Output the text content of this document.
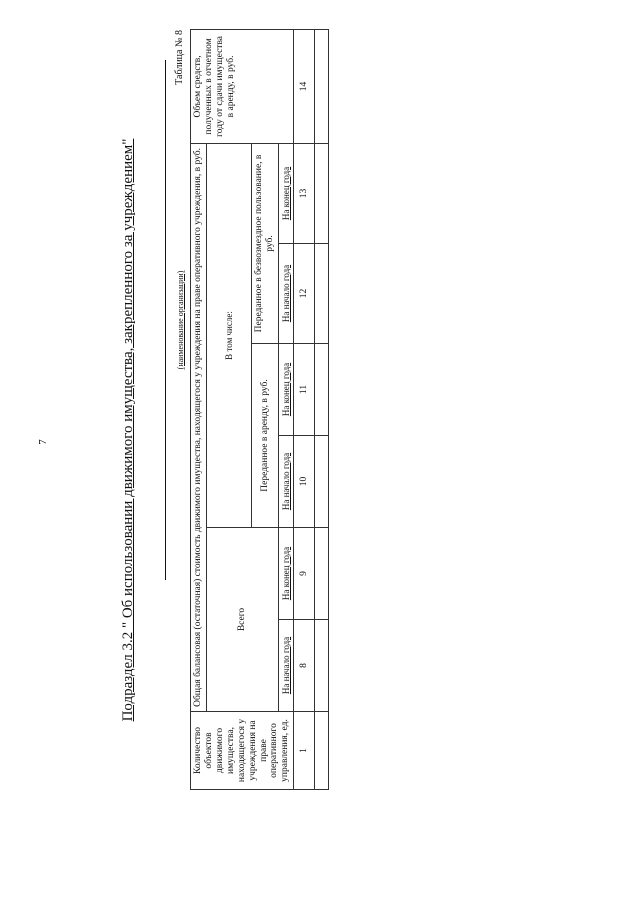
7	Подраздел 3.2 " Об использовании движимого имущества, закрепленного за учреждением"	(наименование организации)
Таблица № 8
Количество объектов движимого имущества, находящегося у учреждения на праве оперативного управления, ед.	Общая балансовая (остаточная) стоимость движимого имущества, находящегося у учреждения на праве оперативного учреждения, в руб.						Объем средств, полученных в отчетном году от сдачи имущества в аренду, в руб.
	Всего		В том числе:				
			Переданное в аренду, в руб.		Переданное в безвозмездное пользование, в руб.		
	На начало года	На конец года	На начало года	На конец года	На начало года	На конец года	
1	8	9	10	11	12	13	14
